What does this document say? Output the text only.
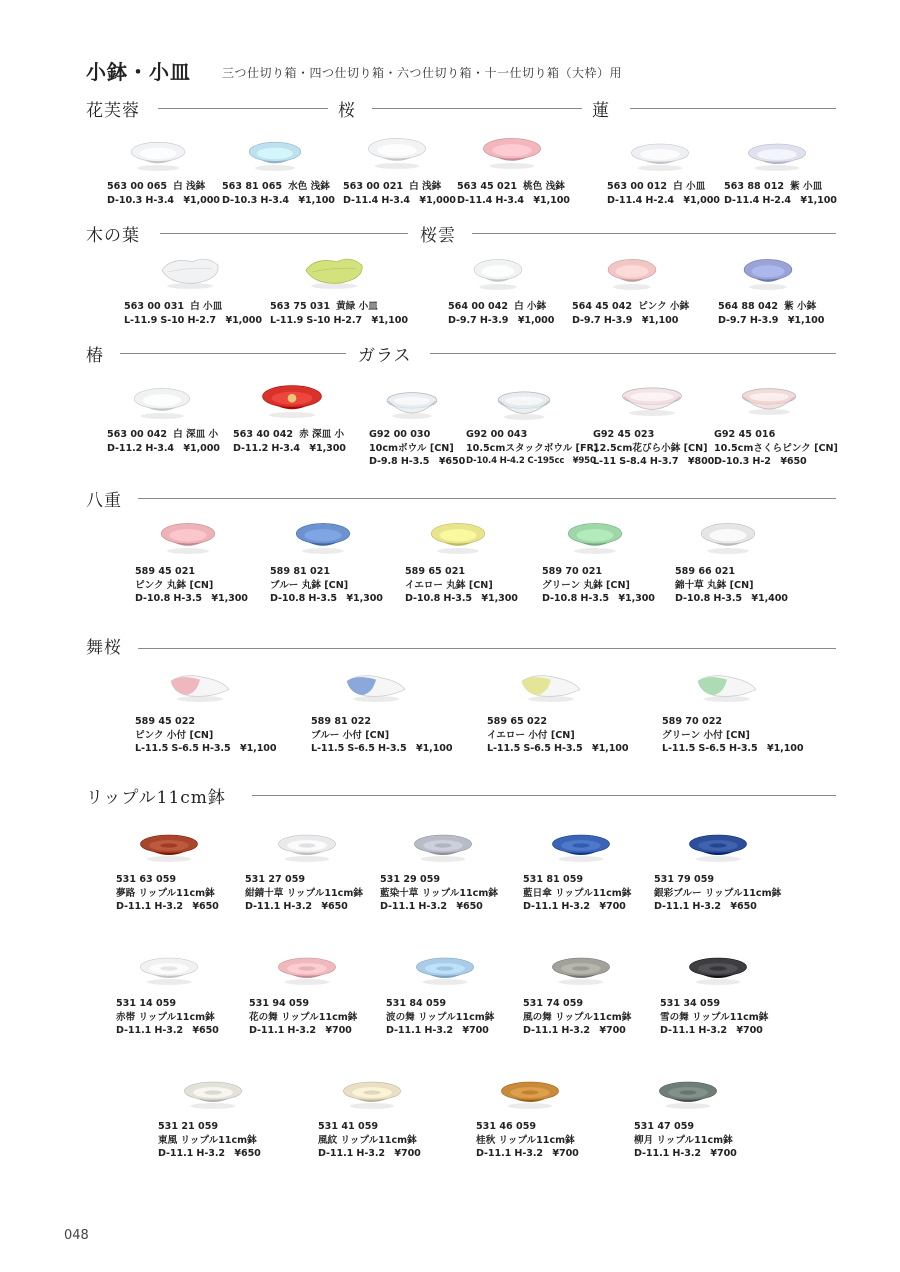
小鉢・小皿	三つ仕切り箱・四つ仕切り箱・六つ仕切り箱・十一仕切り箱（大枠）用
花芙蓉	桜	蓮
木の葉	桜雲
椿	ガラス
八重
舞桜
リップル11cm鉢
563 00 065 白 浅鉢

D-10.3 H-3.4　¥1,000
563 81 065 水色 浅鉢

D-10.3 H-3.4　¥1,100
563 00 021 白 浅鉢

D-11.4 H-3.4　¥1,000
563 45 021 桃色 浅鉢

D-11.4 H-3.4　¥1,100
563 00 012 白 小皿

D-11.4 H-2.4　¥1,000
563 88 012 紫 小皿

D-11.4 H-2.4　¥1,100
563 00 031 白 小皿

L-11.9 S-10 H-2.7　¥1,000
563 75 031 黄緑 小皿

L-11.9 S-10 H-2.7　¥1,100
564 00 042 白 小鉢

D-9.7 H-3.9　¥1,000
564 45 042 ピンク 小鉢

D-9.7 H-3.9　¥1,100
564 88 042 紫 小鉢

D-9.7 H-3.9　¥1,100
563 00 042 白 深皿 小

D-11.2 H-3.4　¥1,000
563 40 042 赤 深皿 小

D-11.2 H-3.4　¥1,300
G92 00 030
10cmボウル [CN]
D-9.8 H-3.5　¥650
G92 00 043
10.5cmスタックボウル [FR]
D-10.4 H-4.2 C-195cc　¥950
G92 45 023
12.5cm花びら小鉢 [CN]
L-11 S-8.4 H-3.7　¥800
G92 45 016
10.5cmさくらピンク [CN]
D-10.3 H-2　¥650
589 45 021
ピンク 丸鉢 [CN]
D-10.8 H-3.5　¥1,300
589 81 021
ブルー 丸鉢 [CN]
D-10.8 H-3.5　¥1,300
589 65 021
イエロー 丸鉢 [CN]
D-10.8 H-3.5　¥1,300
589 70 021
グリーン 丸鉢 [CN]
D-10.8 H-3.5　¥1,300
589 66 021
錦十草 丸鉢 [CN]
D-10.8 H-3.5　¥1,400
589 45 022
ピンク 小付 [CN]
L-11.5 S-6.5 H-3.5　¥1,100
589 81 022
ブルー 小付 [CN]
L-11.5 S-6.5 H-3.5　¥1,100
589 65 022
イエロー 小付 [CN]
L-11.5 S-6.5 H-3.5　¥1,100
589 70 022
グリーン 小付 [CN]
L-11.5 S-6.5 H-3.5　¥1,100
531 63 059
夢路 リップル11cm鉢
D-11.1 H-3.2　¥650
531 27 059
紺錆十草 リップル11cm鉢
D-11.1 H-3.2　¥650
531 29 059
藍染十草 リップル11cm鉢
D-11.1 H-3.2　¥650
531 81 059
藍日傘 リップル11cm鉢
D-11.1 H-3.2　¥700
531 79 059
銀彩ブルー リップル11cm鉢
D-11.1 H-3.2　¥650
531 14 059
赤帯 リップル11cm鉢
D-11.1 H-3.2　¥650
531 94 059
花の舞 リップル11cm鉢
D-11.1 H-3.2　¥700
531 84 059
波の舞 リップル11cm鉢
D-11.1 H-3.2　¥700
531 74 059
風の舞 リップル11cm鉢
D-11.1 H-3.2　¥700
531 34 059
雪の舞 リップル11cm鉢
D-11.1 H-3.2　¥700
531 21 059
東風 リップル11cm鉢
D-11.1 H-3.2　¥650
531 41 059
風紋 リップル11cm鉢
D-11.1 H-3.2　¥700
531 46 059
桂秋 リップル11cm鉢
D-11.1 H-3.2　¥700
531 47 059
柳月 リップル11cm鉢
D-11.1 H-3.2　¥700
048
